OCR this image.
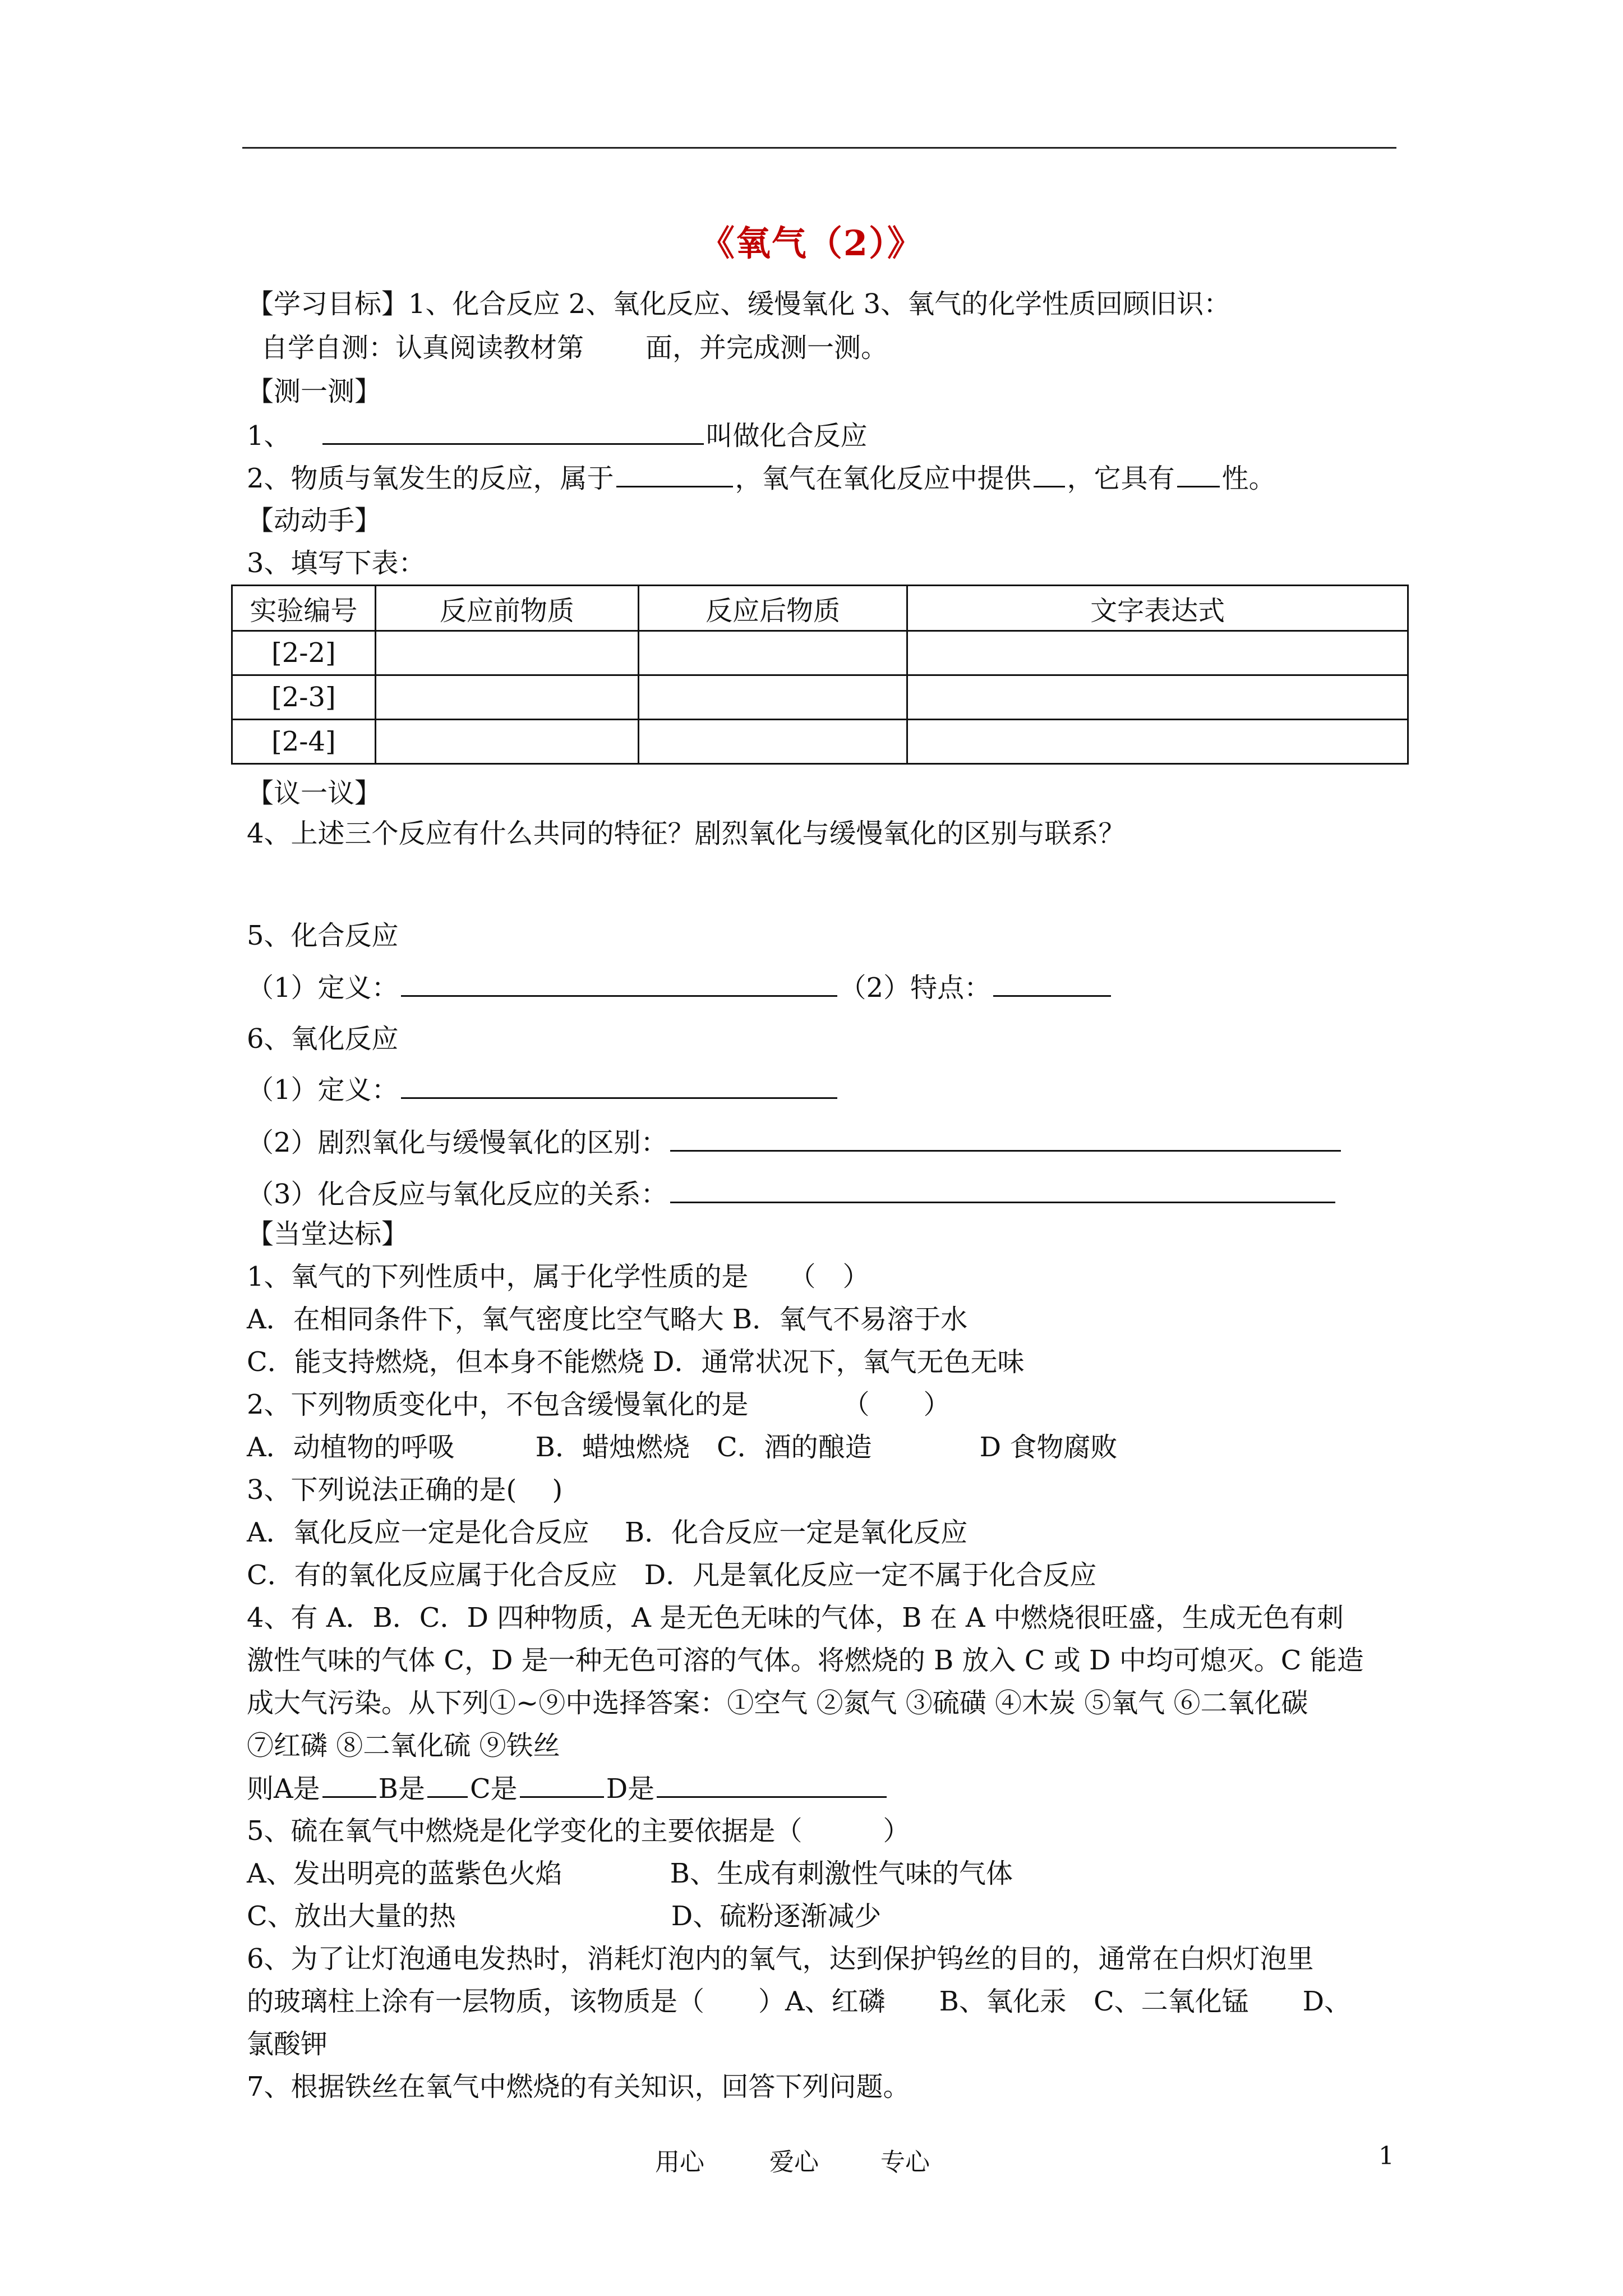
《氧气（2）》
【学习目标】1、化合反应 2、氧化反应、缓慢氧化 3、氧气的化学性质回顾旧识：
自学自测：认真阅读教材第 面，并完成测一测。
【测一测】
1、	叫做化合反应
2、物质与氧发生的反应，属于	，氧气在氧化反应中提供 ，它具有 性。
【动动手】
3、填写下表：
实验编号	反应前物质	反应后物质	文字表达式
[2-2]			
[2-3]			
[2-4]			
【议一议】
4、上述三个反应有什么共同的特征？剧烈氧化与缓慢氧化的区别与联系？
5、化合反应
（1）定义：	（2）特点：
6、氧化反应
（1）定义：
（2）剧烈氧化与缓慢氧化的区别：
（3）化合反应与氧化反应的关系：
【当堂达标】
1、氧气的下列性质中，属于化学性质的是　　（　）
A．在相同条件下，氧气密度比空气略大 B．氧气不易溶于水
C．能支持燃烧，但本身不能燃烧 D．通常状况下，氧气无色无味
2、下列物质变化中，不包含缓慢氧化的是　　　　（　　）
A．动植物的呼吸　　　B．蜡烛燃烧　C．酒的酿造　　　　D 食物腐败
3、下列说法正确的是(　 )
A．氧化反应一定是化合反应　 B．化合反应一定是氧化反应
C．有的氧化反应属于化合反应　D．凡是氧化反应一定不属于化合反应
4、有 A．B．C．D 四种物质，A 是无色无味的气体，B 在 A 中燃烧很旺盛，生成无色有刺
激性气味的气体 C，D 是一种无色可溶的气体。将燃烧的 B 放入 C 或 D 中均可熄灭。C 能造
成大气污染。从下列①~⑨中选择答案：①空气 ②氮气 ③硫磺 ④木炭 ⑤氧气 ⑥二氧化碳
⑦红磷 ⑧二氧化硫 ⑨铁丝
则A是 B是 C是	D是
5、硫在氧气中燃烧是化学变化的主要依据是（　　　）
A、发出明亮的蓝紫色火焰　　　　B、生成有刺激性气味的气体
C、放出大量的热　　　　　　　　D、硫粉逐渐减少
6、为了让灯泡通电发热时，消耗灯泡内的氧气，达到保护钨丝的目的，通常在白炽灯泡里
的玻璃柱上涂有一层物质，该物质是（　　）A、红磷　　B、氧化汞　C、二氧化锰　　D、
氯酸钾
7、根据铁丝在氧气中燃烧的有关知识，回答下列问题。
用心	爱心	专心	1
